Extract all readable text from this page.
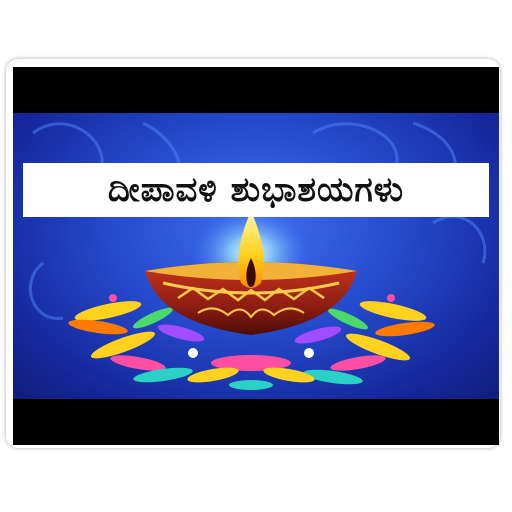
ದೀಪಾವಳಿ ಶುಭಾಶಯಗಳು
